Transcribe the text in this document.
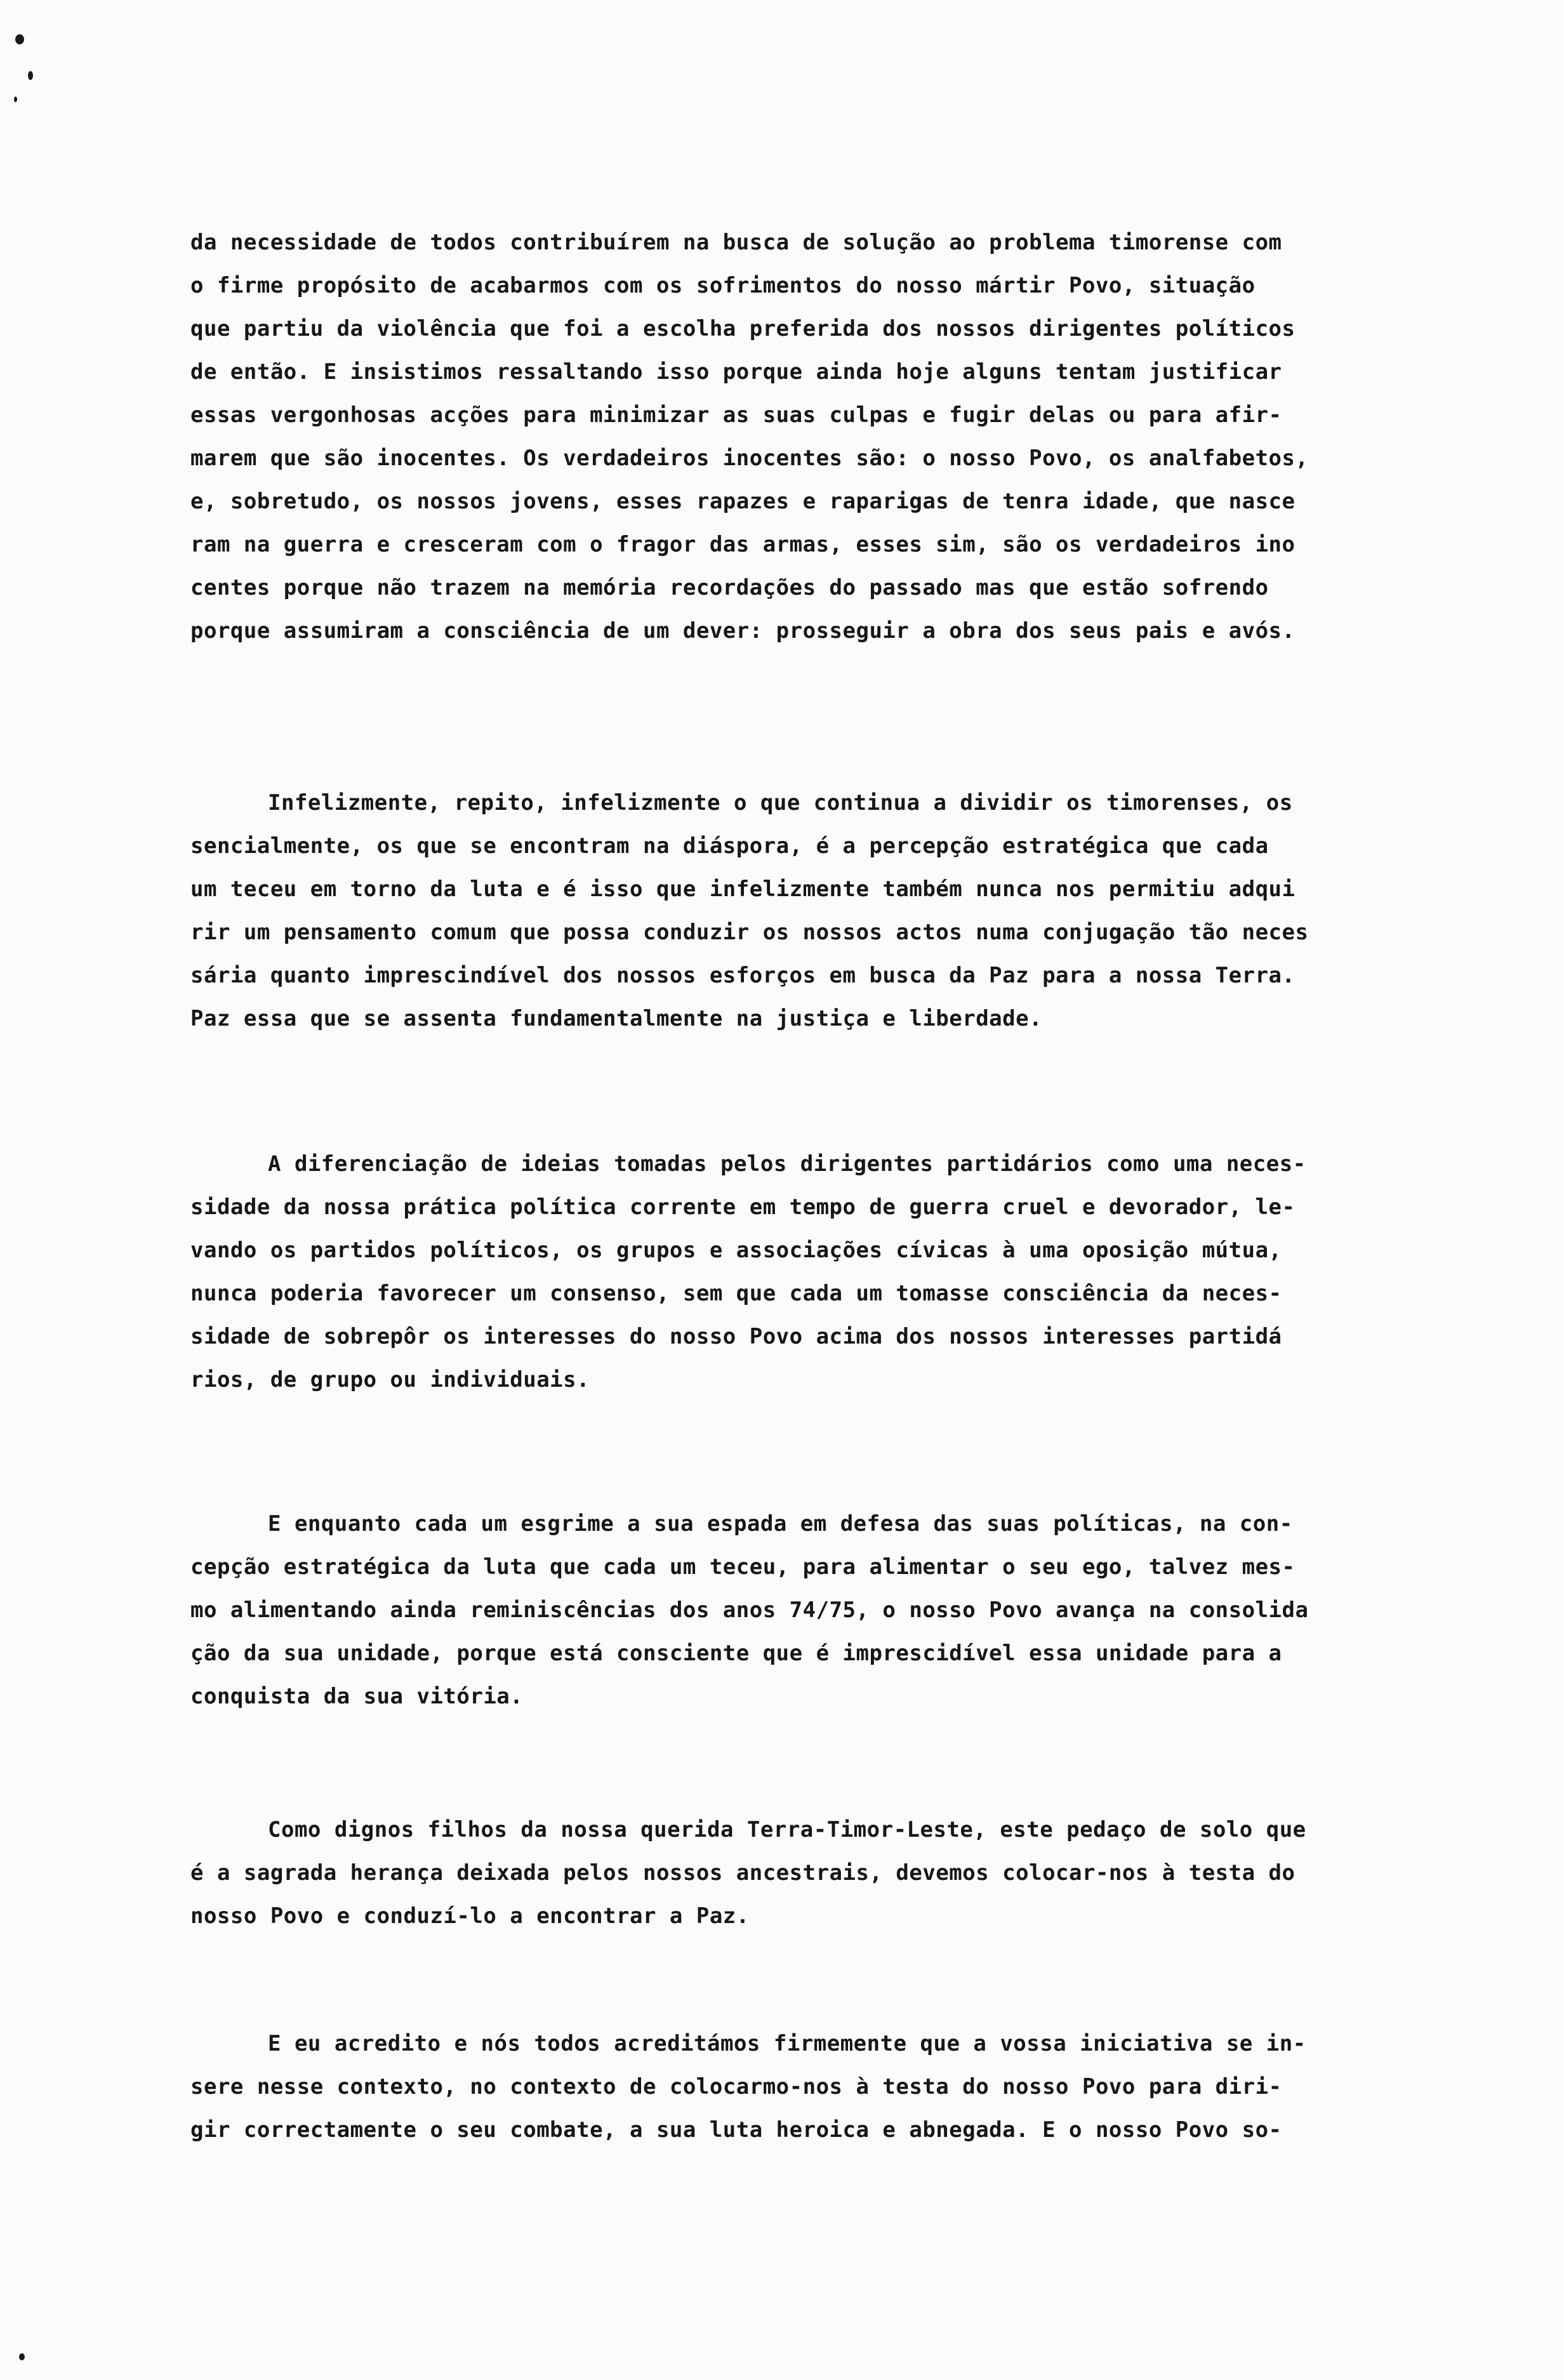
da necessidade de todos contribuírem na busca de solução ao problema timorense com
o firme propósito de acabarmos com os sofrimentos do nosso mártir Povo, situação
que partiu da violência que foi a escolha preferida dos nossos dirigentes políticos
de então. E insistimos ressaltando isso porque ainda hoje alguns tentam justificar
essas vergonhosas acções para minimizar as suas culpas e fugir delas ou para afir-
marem que são inocentes. Os verdadeiros inocentes são: o nosso Povo, os analfabetos,
e, sobretudo, os nossos jovens, esses rapazes e raparigas de tenra idade, que nasce
ram na guerra e cresceram com o fragor das armas, esses sim, são os verdadeiros ino
centes porque não trazem na memória recordações do passado mas que estão sofrendo
porque assumiram a consciência de um dever: prosseguir a obra dos seus pais e avós.
Infelizmente, repito, infelizmente o que continua a dividir os timorenses, os
sencialmente, os que se encontram na diáspora, é a percepção estratégica que cada
um teceu em torno da luta e é isso que infelizmente também nunca nos permitiu adqui
rir um pensamento comum que possa conduzir os nossos actos numa conjugação tão neces
sária quanto imprescindível dos nossos esforços em busca da Paz para a nossa Terra.
Paz essa que se assenta fundamentalmente na justiça e liberdade.
A diferenciação de ideias tomadas pelos dirigentes partidários como uma neces-
sidade da nossa prática política corrente em tempo de guerra cruel e devorador, le-
vando os partidos políticos, os grupos e associações cívicas à uma oposição mútua,
nunca poderia favorecer um consenso, sem que cada um tomasse consciência da neces-
sidade de sobrepôr os interesses do nosso Povo acima dos nossos interesses partidá
rios, de grupo ou individuais.
E enquanto cada um esgrime a sua espada em defesa das suas políticas, na con-
cepção estratégica da luta que cada um teceu, para alimentar o seu ego, talvez mes-
mo alimentando ainda reminiscências dos anos 74/75, o nosso Povo avança na consolida
ção da sua unidade, porque está consciente que é imprescidível essa unidade para a
conquista da sua vitória.
Como dignos filhos da nossa querida Terra-Timor-Leste, este pedaço de solo que
é a sagrada herança deixada pelos nossos ancestrais, devemos colocar-nos à testa do
nosso Povo e conduzí-lo a encontrar a Paz.
E eu acredito e nós todos acreditámos firmemente que a vossa iniciativa se in-
sere nesse contexto, no contexto de colocarmo-nos à testa do nosso Povo para diri-
gir correctamente o seu combate, a sua luta heroica e abnegada. E o nosso Povo so-
